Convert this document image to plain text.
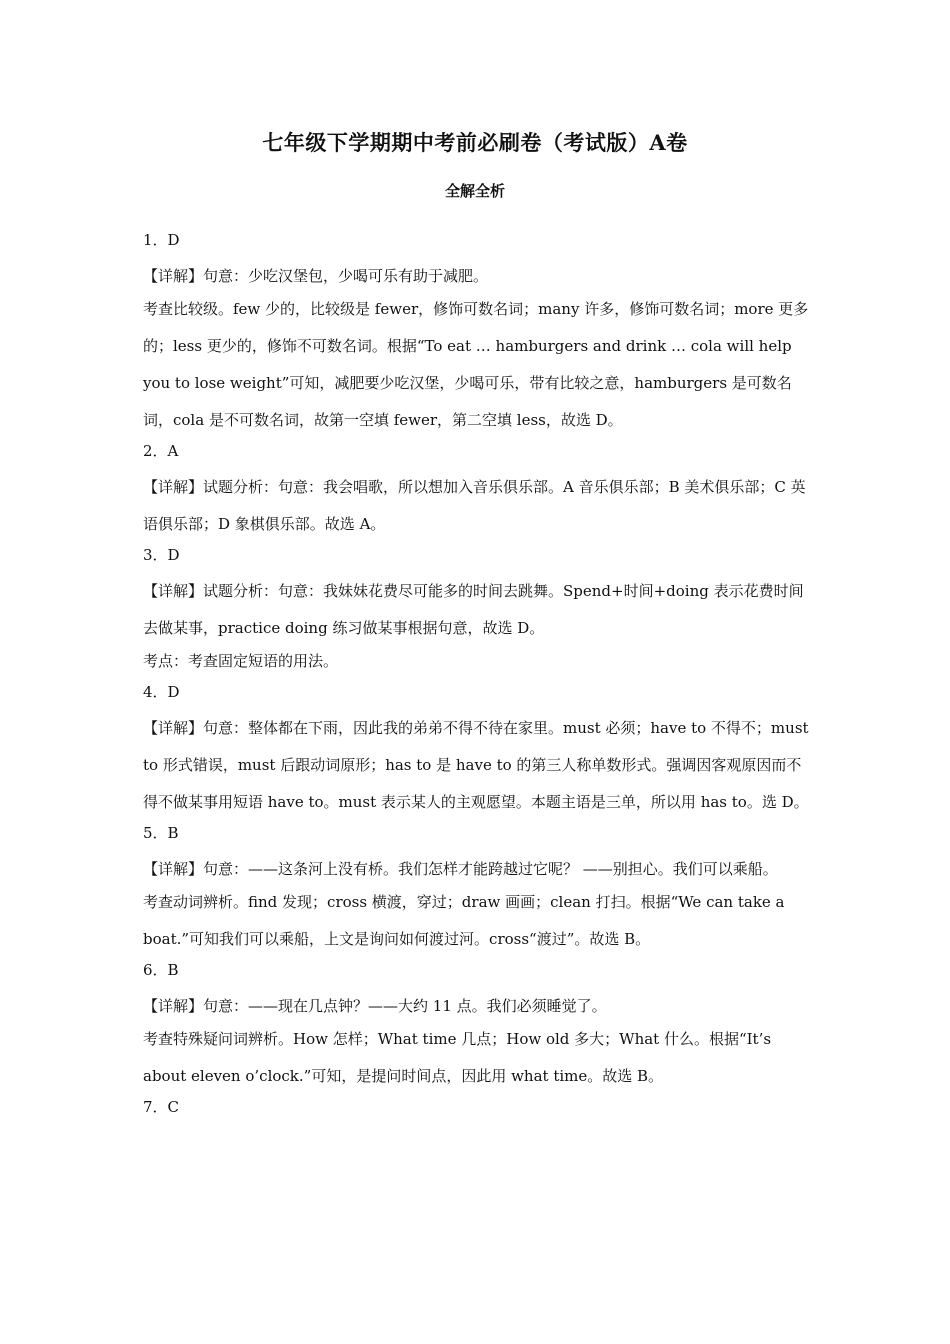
七年级下学期期中考前必刷卷（考试版）A卷
全解全析
1．D

【详解】句意：少吃汉堡包，少喝可乐有助于减肥。

考查比较级。few 少的，比较级是 fewer，修饰可数名词；many 许多，修饰可数名词；more 更多的；less 更少的，修饰不可数名词。根据“To eat … hamburgers and drink … cola will help you to lose weight”可知，减肥要少吃汉堡，少喝可乐，带有比较之意，hamburgers 是可数名词，cola 是不可数名词，故第一空填 fewer，第二空填 less，故选 D。

2．A

【详解】试题分析：句意：我会唱歌，所以想加入音乐俱乐部。A 音乐俱乐部；B 美术俱乐部；C 英语俱乐部；D 象棋俱乐部。故选 A。

3．D

【详解】试题分析：句意：我妹妹花费尽可能多的时间去跳舞。Spend+时间+doing 表示花费时间去做某事，practice doing 练习做某事根据句意，故选 D。

考点：考查固定短语的用法。

4．D

【详解】句意：整体都在下雨，因此我的弟弟不得不待在家里。must 必须；have to 不得不；must to 形式错误，must 后跟动词原形；has to 是 have to 的第三人称单数形式。强调因客观原因而不得不做某事用短语 have to。must 表示某人的主观愿望。本题主语是三单，所以用 has to。选 D。

5．B

【详解】句意：——这条河上没有桥。我们怎样才能跨越过它呢？ ——别担心。我们可以乘船。

考查动词辨析。find 发现；cross 横渡，穿过；draw 画画；clean 打扫。根据“We can take a boat.”可知我们可以乘船，上文是询问如何渡过河。cross“渡过”。故选 B。

6．B

【详解】句意：——现在几点钟？——大约 11 点。我们必须睡觉了。

考查特殊疑问词辨析。How 怎样；What time 几点；How old 多大；What 什么。根据“It’s about eleven o’clock.”可知，是提问时间点，因此用 what time。故选 B。

7．C
